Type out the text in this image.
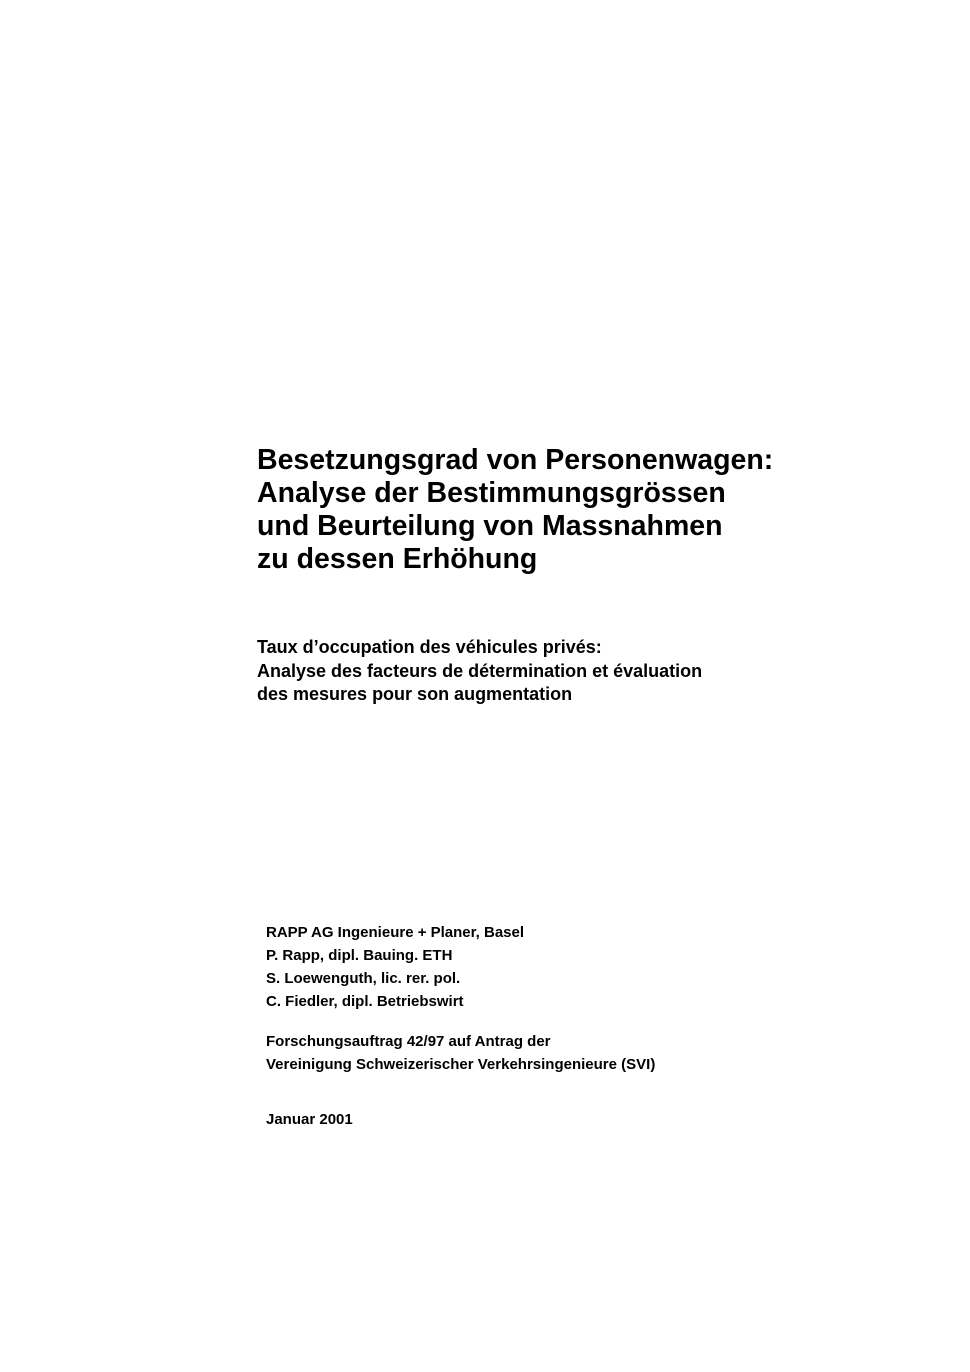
Besetzungsgrad von Personenwagen:
Analyse der Bestimmungsgrössen
und Beurteilung von Massnahmen
zu dessen Erhöhung
Taux d’occupation des véhicules privés:
Analyse des facteurs de détermination et évaluation
des mesures pour son augmentation
RAPP AG Ingenieure + Planer, Basel
P. Rapp, dipl. Bauing. ETH
S. Loewenguth, lic. rer. pol.
C. Fiedler, dipl. Betriebswirt
Forschungsauftrag 42/97 auf Antrag der
Vereinigung Schweizerischer Verkehrsingenieure (SVI)
Januar 2001
